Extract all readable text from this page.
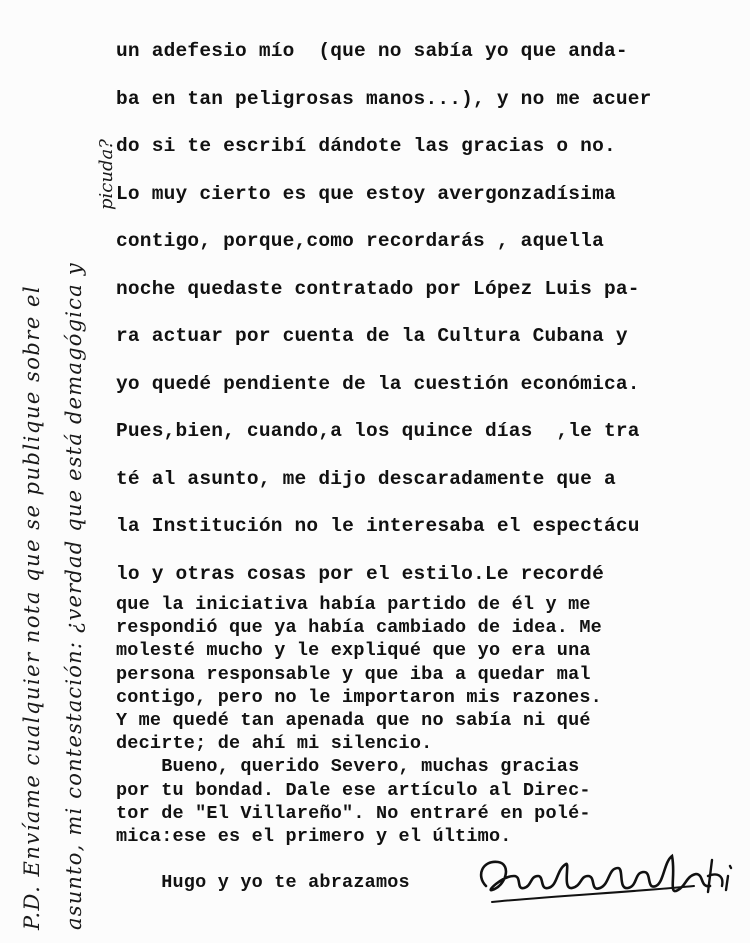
un adefesio mío  (que no sabía yo que anda-
ba en tan peligrosas manos...), y no me acuer
do si te escribí dándote las gracias o no.
Lo muy cierto es que estoy avergonzadísima
contigo, porque,como recordarás , aquella
noche quedaste contratado por López Luis pa-
ra actuar por cuenta de la Cultura Cubana y
yo quedé pendiente de la cuestión económica.
Pues,bien, cuando,a los quince días  ,le tra
té al asunto, me dijo descaradamente que a
la Institución no le interesaba el espectácu
lo y otras cosas por el estilo.Le recordé
que la iniciativa había partido de él y me
respondió que ya había cambiado de idea. Me
molesté mucho y le expliqué que yo era una
persona responsable y que iba a quedar mal
contigo, pero no le importaron mis razones.
Y me quedé tan apenada que no sabía ni qué
decirte; de ahí mi silencio.
Bueno, querido Severo, muchas gracias
por tu bondad. Dale ese artículo al Direc-
tor de "El Villareño". No entraré en polé-
mica:ese es el primero y el último.
Hugo y yo te abrazamos
P.D. Envíame cualquier nota que se publique sobre el asunto, mi contestación: ¿verdad que está demagógica y
picuda?
